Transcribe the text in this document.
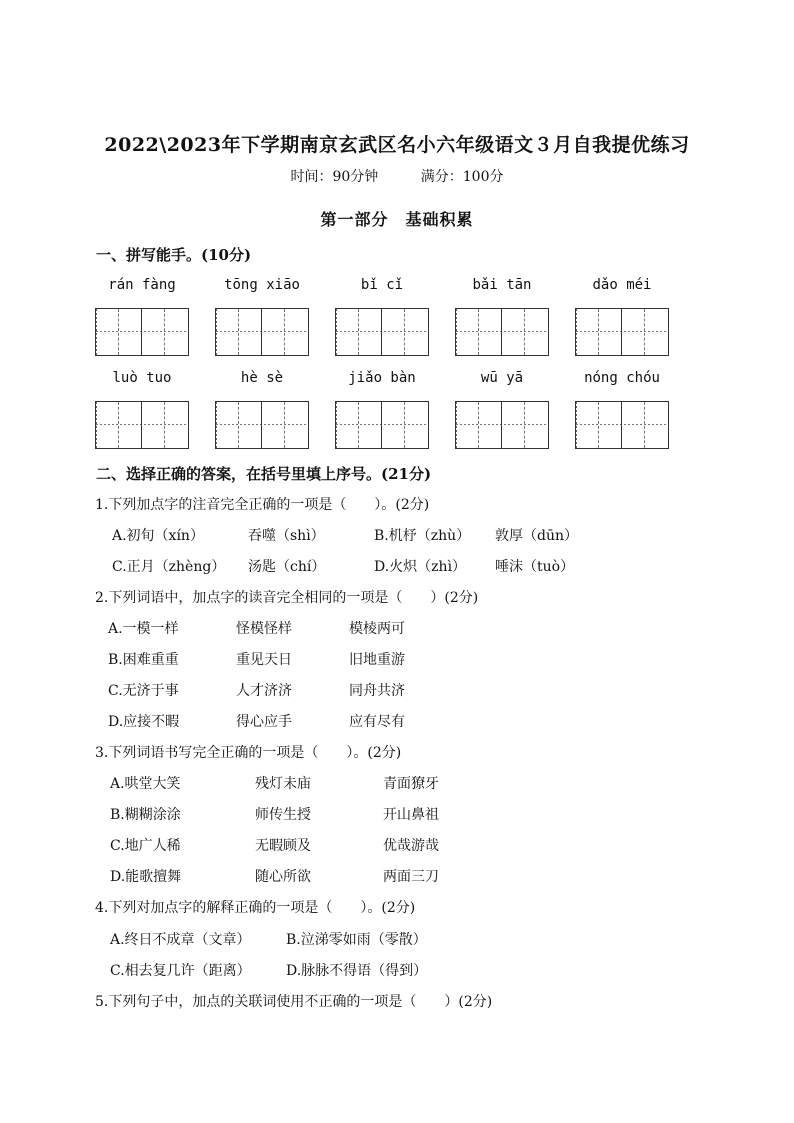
2022\2023年下学期南京玄武区名小六年级语文３月自我提优练习
时间：90分钟	满分：100分
第一部分　基础积累
一、拼写能手。(10分)
rán fàng	tōng xiāo	bǐ cǐ	bǎi tān	dǎo méi
luò tuo	hè sè	jiǎo bàn	wū yā	nóng chóu
二、选择正确的答案，在括号里填上序号。(21分)
1.下列加点字的注音完全正确的一项是（　　）。(2分)
A.初旬（xín）	吞噬（shì）	B.机杼（zhù） 敦厚（dūn）
C.正月（zhèng） 汤匙（chí）	D.火炽（zhì） 唾沫（tuò）
2.下列词语中，加点字的读音完全相同的一项是（　　）(2分)
A.一模一样	怪模怪样	模棱两可
B.困难重重	重见天日	旧地重游
C.无济于事	人才济济	同舟共济
D.应接不暇	得心应手	应有尽有
3.下列词语书写完全正确的一项是（　　）。(2分)
A.哄堂大笑	残灯未庙	青面獠牙
B.糊糊涂涂	师传生授	开山鼻祖
C.地广人稀	无暇顾及	优哉游哉
D.能歌擅舞	随心所欲	两面三刀
4.下列对加点字的解释正确的一项是（　　）。(2分)
A.终日不成章（文章）	B.泣涕零如雨（零散）
C.相去复几许（距离）	D.脉脉不得语（得到）
5.下列句子中，加点的关联词使用不正确的一项是（　　）(2分)
